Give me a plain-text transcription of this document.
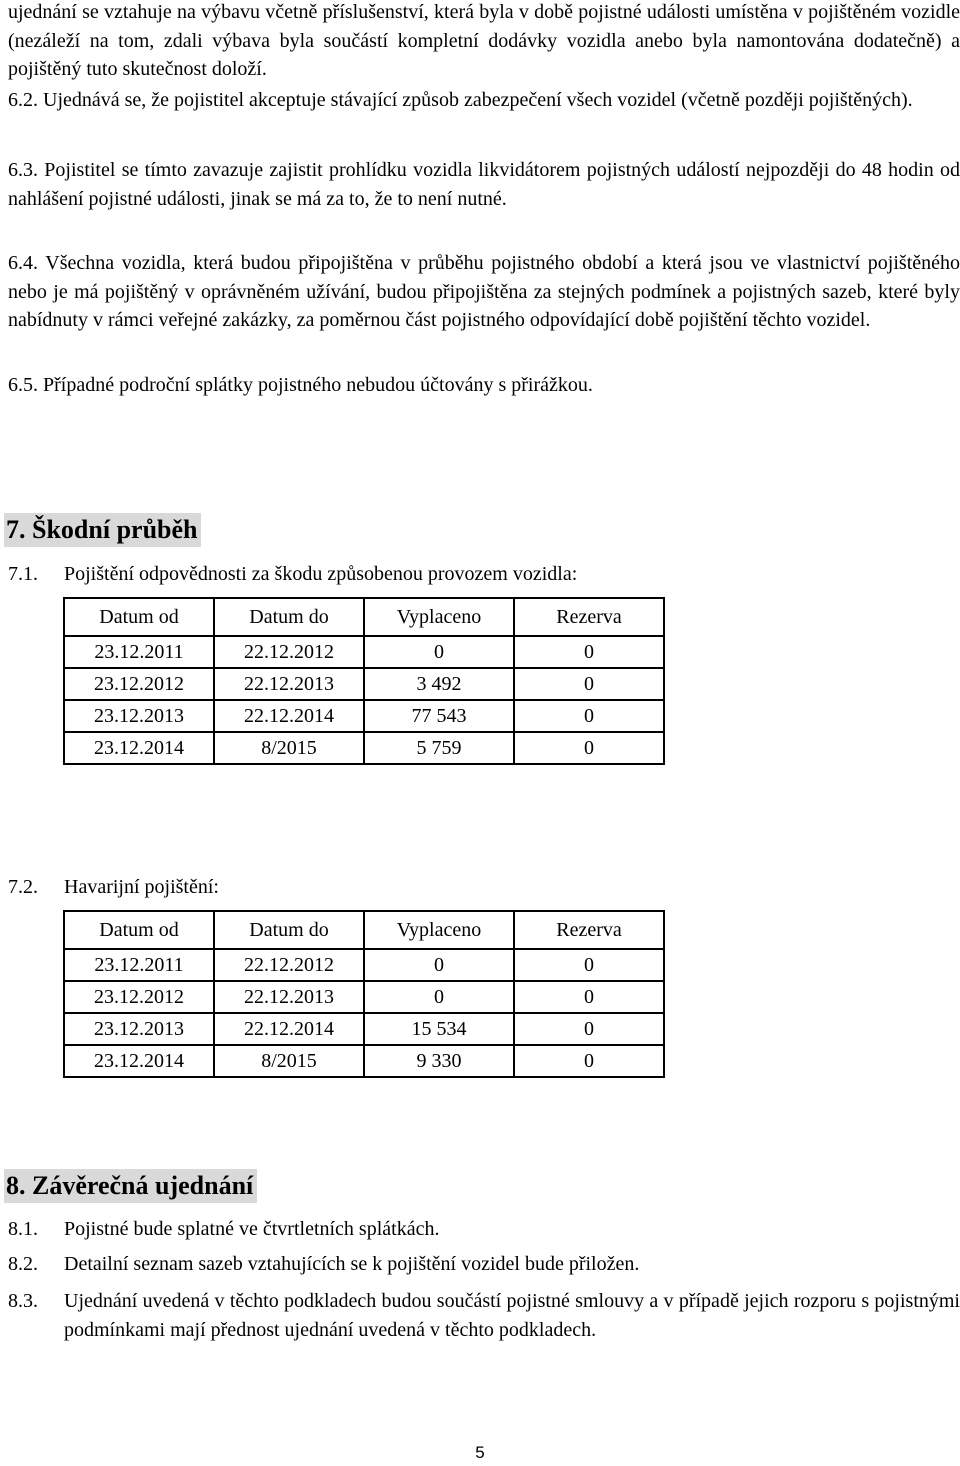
ujednání se vztahuje na výbavu včetně příslušenství, která byla v době pojistné události umístěna v pojištěném vozidle (nezáleží na tom, zdali výbava byla součástí kompletní dodávky vozidla anebo byla namontována dodatečně) a pojištěný tuto skutečnost doloží.
6.2. Ujednává se, že pojistitel akceptuje stávající způsob zabezpečení všech vozidel (včetně později pojištěných).
6.3. Pojistitel se tímto zavazuje zajistit prohlídku vozidla likvidátorem pojistných událostí nejpozději do 48 hodin od nahlášení pojistné události, jinak se má za to, že to není nutné.
6.4. Všechna vozidla, která budou připojištěna v průběhu pojistného období a která jsou ve vlastnictví pojištěného nebo je má pojištěný v oprávněném užívání, budou připojištěna za stejných podmínek a pojistných sazeb, které byly nabídnuty v rámci veřejné zakázky, za poměrnou část pojistného odpovídající době pojištění těchto vozidel.
6.5. Případné področní splátky pojistného nebudou účtovány s přirážkou.
7. Škodní průběh
7.1. Pojištění odpovědnosti za škodu způsobenou provozem vozidla:
Datum od	Datum do	Vyplaceno	Rezerva
23.12.2011	22.12.2012	0	0
23.12.2012	22.12.2013	3 492	0
23.12.2013	22.12.2014	77 543	0
23.12.2014	8/2015	5 759	0
7.2. Havarijní pojištění:
Datum od	Datum do	Vyplaceno	Rezerva
23.12.2011	22.12.2012	0	0
23.12.2012	22.12.2013	0	0
23.12.2013	22.12.2014	15 534	0
23.12.2014	8/2015	9 330	0
8. Závěrečná ujednání
8.1. Pojistné bude splatné ve čtvrtletních splátkách.
8.2. Detailní seznam sazeb vztahujících se k pojištění vozidel bude přiložen.
8.3. Ujednání uvedená v těchto podkladech budou součástí pojistné smlouvy a v případě jejich rozporu s pojistnými podmínkami mají přednost ujednání uvedená v těchto podkladech.
5
